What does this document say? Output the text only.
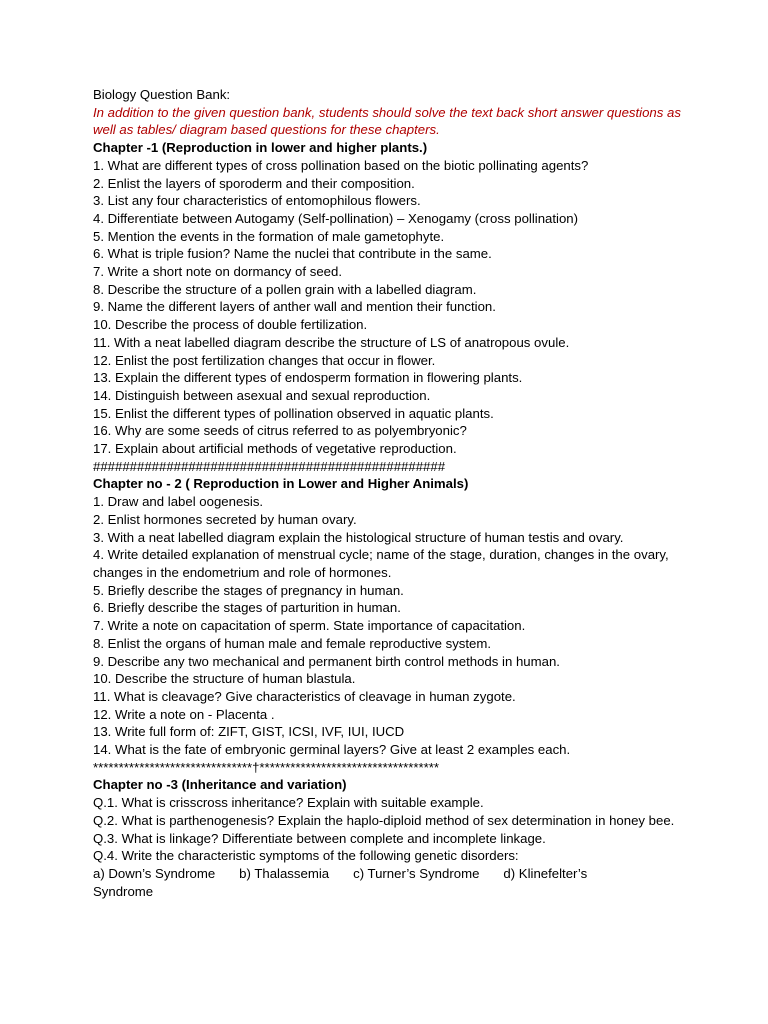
Biology Question Bank:
In addition to the given question bank, students should solve the text back short answer questions as well as tables/ diagram based questions for these chapters.
Chapter -1 (Reproduction in lower and higher plants.)
1. What are different types of cross pollination based on the biotic pollinating agents?
2. Enlist the layers of sporoderm and their composition.
3. List any four characteristics of entomophilous flowers.
4. Differentiate between Autogamy (Self-pollination) – Xenogamy (cross pollination)
5. Mention the events in the formation of male gametophyte.
6. What is triple fusion? Name the nuclei that contribute in the same.
7. Write a short note on dormancy of seed.
8. Describe the structure of a pollen grain with a labelled diagram.
9. Name the different layers of anther wall and mention their function.
10. Describe the process of double fertilization.
11. With a neat labelled diagram describe the structure of LS of anatropous ovule.
12. Enlist the post fertilization changes that occur in flower.
13. Explain the different types of endosperm formation in flowering plants.
14. Distinguish between asexual and sexual reproduction.
15. Enlist the different types of pollination observed in aquatic plants.
16. Why are some seeds of citrus referred to as polyembryonic?
17. Explain about artificial methods of vegetative reproduction.
################################################
Chapter no - 2 ( Reproduction in Lower and Higher Animals)
1. Draw and label oogenesis.
2. Enlist hormones secreted by human ovary.
3. With a neat labelled diagram explain the histological structure of human testis and ovary.
4. Write detailed explanation of menstrual cycle; name of the stage, duration, changes in the ovary, changes in the endometrium and role of hormones.
5. Briefly describe the stages of pregnancy in human.
6. Briefly describe the stages of parturition in human.
7. Write a note on capacitation of sperm. State importance of capacitation.
8. Enlist the organs of human male and female reproductive system.
9. Describe any two mechanical and permanent birth control methods in human.
10. Describe the structure of human blastula.
11. What is cleavage? Give characteristics of cleavage in human zygote.
12. Write a note on - Placenta .
13. Write full form of: ZIFT, GIST, ICSI, IVF, IUI, IUCD
14. What is the fate of embryonic germinal layers? Give at least 2 examples each.
*******************************†***********************************
Chapter no -3 (Inheritance and variation)
Q.1. What is crisscross inheritance? Explain with suitable example.
Q.2. What is parthenogenesis? Explain the haplo-diploid method of sex determination in honey bee.
Q.3. What is linkage? Differentiate between complete and incomplete linkage.
Q.4. Write the characteristic symptoms of the following genetic disorders:
a) Down’s Syndrome b) Thalassemia c) Turner’s Syndrome d) Klinefelter’s
Syndrome
